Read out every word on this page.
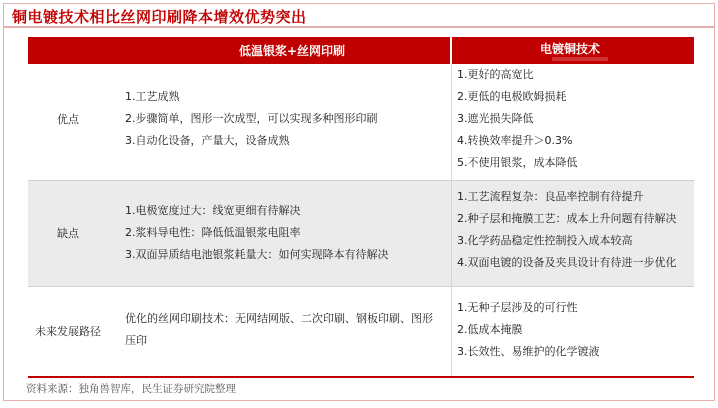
铜电镀技术相比丝网印刷降本增效优势突出
低温银浆+丝网印刷	电镀铜技术
优点
1.工艺成熟
2.步骤简单，图形一次成型，可以实现多种图形印刷
3.自动化设备，产量大，设备成熟
1.更好的高宽比
2.更低的电极欧姆损耗
3.遮光损失降低
4.转换效率提升＞0.3%
5.不使用银浆，成本降低
缺点
1.电极宽度过大：线宽更细有待解决
2.浆料导电性：降低低温银浆电阻率
3.双面异质结电池银浆耗量大：如何实现降本有待解决
1.工艺流程复杂：良品率控制有待提升
2.种子层和掩膜工艺：成本上升问题有待解决
3.化学药品稳定性控制投入成本较高
4.双面电镀的设备及夹具设计有待进一步优化
未来发展路径
优化的丝网印刷技术：无网结网版、二次印刷、钢板印刷、图形压印
1.无种子层涉及的可行性
2.低成本掩膜
3.长效性、易维护的化学镀液
资料来源：独角兽智库，民生证券研究院整理
